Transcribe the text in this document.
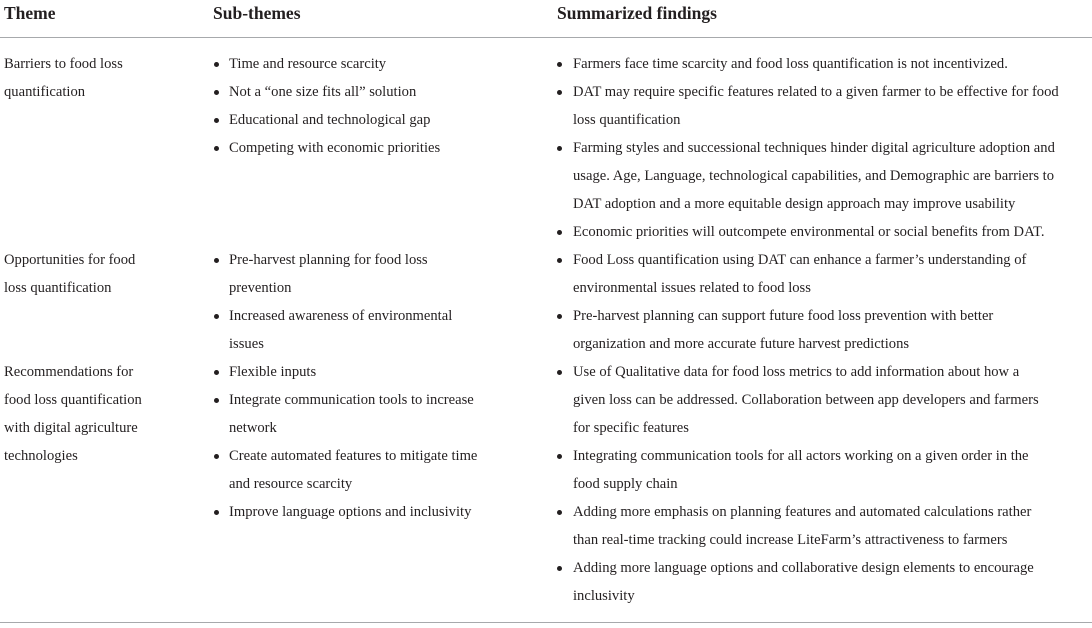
Theme	Sub-themes	Summarized findings
Barriers to food loss
quantification
Time and resource scarcity
Not a “one size fits all” solution
Educational and technological gap
Competing with economic priorities
Farmers face time scarcity and food loss quantification is not incentivized.
DAT may require specific features related to a given farmer to be effective for food
loss quantification
Farming styles and successional techniques hinder digital agriculture adoption and
usage. Age, Language, technological capabilities, and Demographic are barriers to
DAT adoption and a more equitable design approach may improve usability
Economic priorities will outcompete environmental or social benefits from DAT.
Opportunities for food
loss quantification
Pre-harvest planning for food loss
prevention
Increased awareness of environmental
issues
Food Loss quantification using DAT can enhance a farmer’s understanding of
environmental issues related to food loss
Pre-harvest planning can support future food loss prevention with better
organization and more accurate future harvest predictions
Recommendations for
food loss quantification
with digital agriculture
technologies
Flexible inputs
Integrate communication tools to increase
network
Create automated features to mitigate time
and resource scarcity
Improve language options and inclusivity
Use of Qualitative data for food loss metrics to add information about how a
given loss can be addressed. Collaboration between app developers and farmers
for specific features
Integrating communication tools for all actors working on a given order in the
food supply chain
Adding more emphasis on planning features and automated calculations rather
than real-time tracking could increase LiteFarm’s attractiveness to farmers
Adding more language options and collaborative design elements to encourage
inclusivity
